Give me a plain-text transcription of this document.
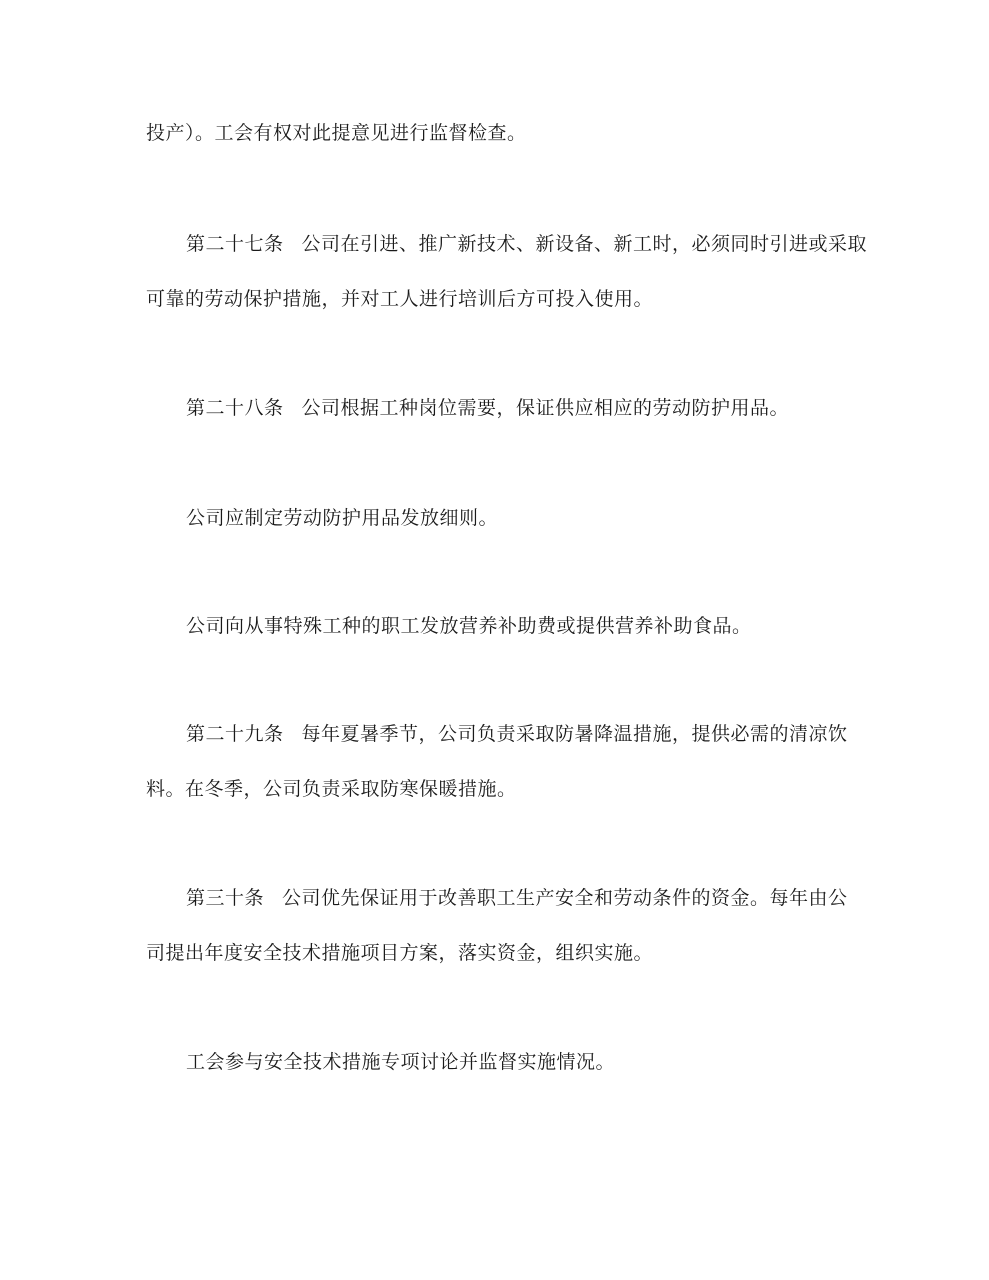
投产）。工会有权对此提意见进行监督检查。
第二十七条 公司在引进、推广新技术、新设备、新工时，必须同时引进或采取
可靠的劳动保护措施，并对工人进行培训后方可投入使用。
第二十八条 公司根据工种岗位需要，保证供应相应的劳动防护用品。
公司应制定劳动防护用品发放细则。
公司向从事特殊工种的职工发放营养补助费或提供营养补助食品。
第二十九条 每年夏暑季节，公司负责采取防暑降温措施，提供必需的清凉饮
料。在冬季，公司负责采取防寒保暖措施。
第三十条 公司优先保证用于改善职工生产安全和劳动条件的资金。每年由公
司提出年度安全技术措施项目方案，落实资金，组织实施。
工会参与安全技术措施专项讨论并监督实施情况。
